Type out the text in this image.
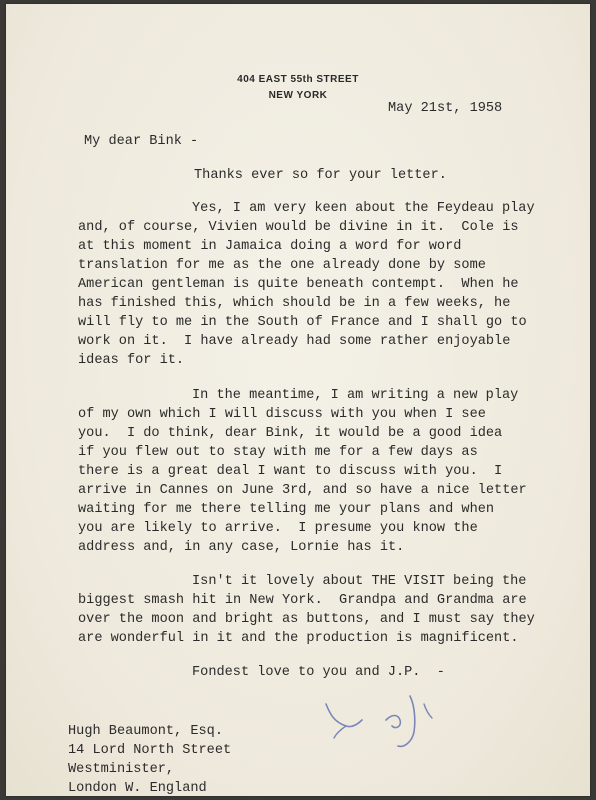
404 EAST 55th STREET
NEW YORK
May 21st, 1958
My dear Bink -
Thanks ever so for your letter.
Yes, I am very keen about the Feydeau play
and, of course, Vivien would be divine in it.  Cole is
at this moment in Jamaica doing a word for word
translation for me as the one already done by some
American gentleman is quite beneath contempt.  When he
has finished this, which should be in a few weeks, he
will fly to me in the South of France and I shall go to
work on it.  I have already had some rather enjoyable
ideas for it.
In the meantime, I am writing a new play
of my own which I will discuss with you when I see
you.  I do think, dear Bink, it would be a good idea
if you flew out to stay with me for a few days as
there is a great deal I want to discuss with you.  I
arrive in Cannes on June 3rd, and so have a nice letter
waiting for me there telling me your plans and when
you are likely to arrive.  I presume you know the
address and, in any case, Lornie has it.
Isn't it lovely about THE VISIT being the
biggest smash hit in New York.  Grandpa and Grandma are
over the moon and bright as buttons, and I must say they
are wonderful in it and the production is magnificent.
Fondest love to you and J.P.  -
Hugh Beaumont, Esq.
14 Lord North Street
Westminister,
London W. England
